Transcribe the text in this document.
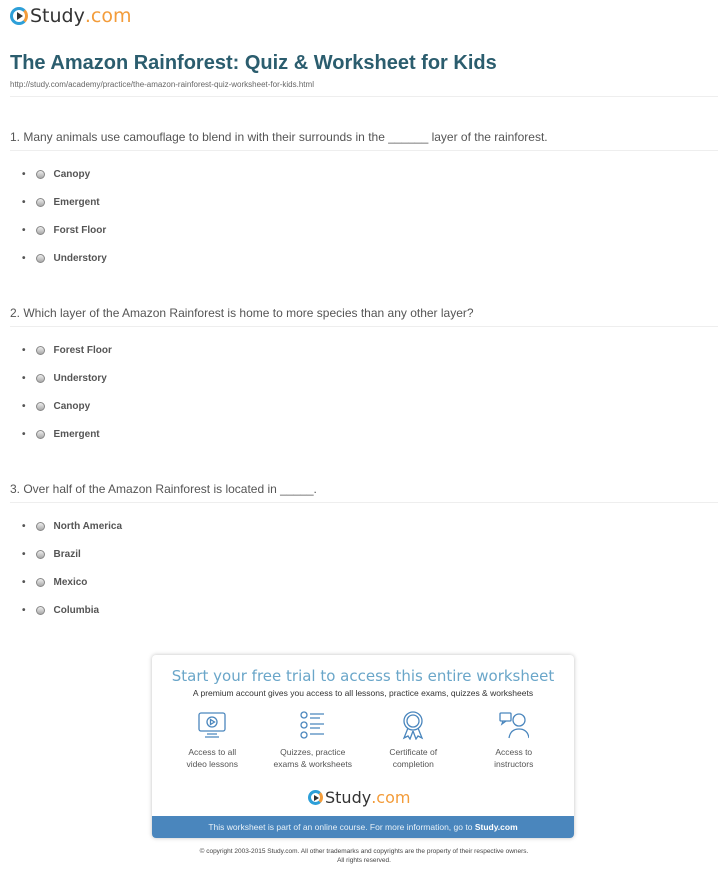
Study .com
The Amazon Rainforest: Quiz & Worksheet for Kids
http://study.com/academy/practice/the-amazon-rainforest-quiz-worksheet-for-kids.html
1. Many animals use camouflage to blend in with their surrounds in the ______ layer of the rainforest.
•	Canopy
•	Emergent
•	Forst Floor
•	Understory
2. Which layer of the Amazon Rainforest is home to more species than any other layer?
•	Forest Floor
•	Understory
•	Canopy
•	Emergent
3. Over half of the Amazon Rainforest is located in _____.
•	North America
•	Brazil
•	Mexico
•	Columbia
Start your free trial to access this entire worksheet
A premium account gives you access to all lessons, practice exams, quizzes & worksheets
Access to all
video lessons
Quizzes, practice
exams & worksheets
Certificate of
completion
Access to
instructors
Study .com
This worksheet is part of an online course. For more information, go to Study.com
© copyright 2003-2015 Study.com. All other trademarks and copyrights are the property of their respective owners.
All rights reserved.
